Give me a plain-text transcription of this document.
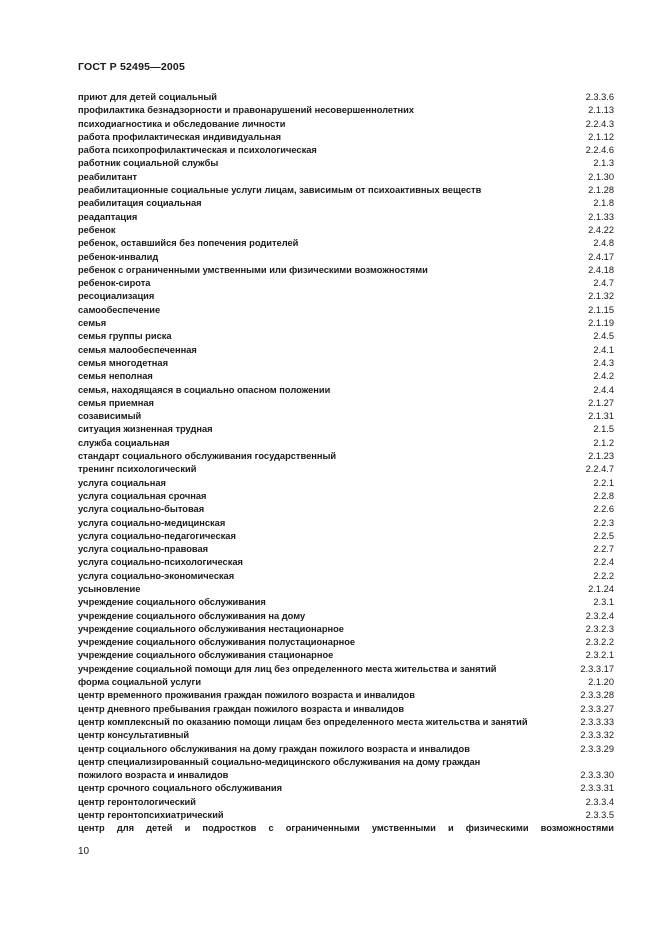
ГОСТ Р 52495—2005
приют для детей социальный	2.3.3.6
профилактика безнадзорности и правонарушений несовершеннолетних	2.1.13
психодиагностика и обследование личности	2.2.4.3
работа профилактическая индивидуальная	2.1.12
работа психопрофилактическая и психологическая	2.2.4.6
работник социальной службы	2.1.3
реабилитант	2.1.30
реабилитационные социальные услуги лицам, зависимым от психоактивных веществ	2.1.28
реабилитация социальная	2.1.8
реадаптация	2.1.33
ребенок	2.4.22
ребенок, оставшийся без попечения родителей	2.4.8
ребенок-инвалид	2.4.17
ребенок с ограниченными умственными или физическими возможностями	2.4.18
ребенок-сирота	2.4.7
ресоциализация	2.1.32
самообеспечение	2.1.15
семья	2.1.19
семья группы риска	2.4.5
семья малообеспеченная	2.4.1
семья многодетная	2.4.3
семья неполная	2.4.2
семья, находящаяся в социально опасном положении	2.4.4
семья приемная	2.1.27
созависимый	2.1.31
ситуация жизненная трудная	2.1.5
служба социальная	2.1.2
стандарт социального обслуживания государственный	2.1.23
тренинг психологический	2.2.4.7
услуга социальная	2.2.1
услуга социальная срочная	2.2.8
услуга социально-бытовая	2.2.6
услуга социально-медицинская	2.2.3
услуга социально-педагогическая	2.2.5
услуга социально-правовая	2.2.7
услуга социально-психологическая	2.2.4
услуга социально-экономическая	2.2.2
усыновление	2.1.24
учреждение социального обслуживания	2.3.1
учреждение социального обслуживания на дому	2.3.2.4
учреждение социального обслуживания нестационарное	2.3.2.3
учреждение социального обслуживания полустационарное	2.3.2.2
учреждение социального обслуживания стационарное	2.3.2.1
учреждение социальной помощи для лиц без определенного места жительства и занятий	2.3.3.17
форма социальной услуги	2.1.20
центр временного проживания граждан пожилого возраста и инвалидов	2.3.3.28
центр дневного пребывания граждан пожилого возраста и инвалидов	2.3.3.27
центр комплексный по оказанию помощи лицам без определенного места жительства и занятий	2.3.3.33
центр консультативный	2.3.3.32
центр социального обслуживания на дому граждан пожилого возраста и инвалидов	2.3.3.29
центр специализированный социально-медицинского обслуживания на дому граждан
пожилого возраста и инвалидов	2.3.3.30
центр срочного социального обслуживания	2.3.3.31
центр геронтологический	2.3.3.4
центр геронтопсихиатрический	2.3.3.5
центр для детей и подростков с ограниченными умственными и физическими возможностями
10
